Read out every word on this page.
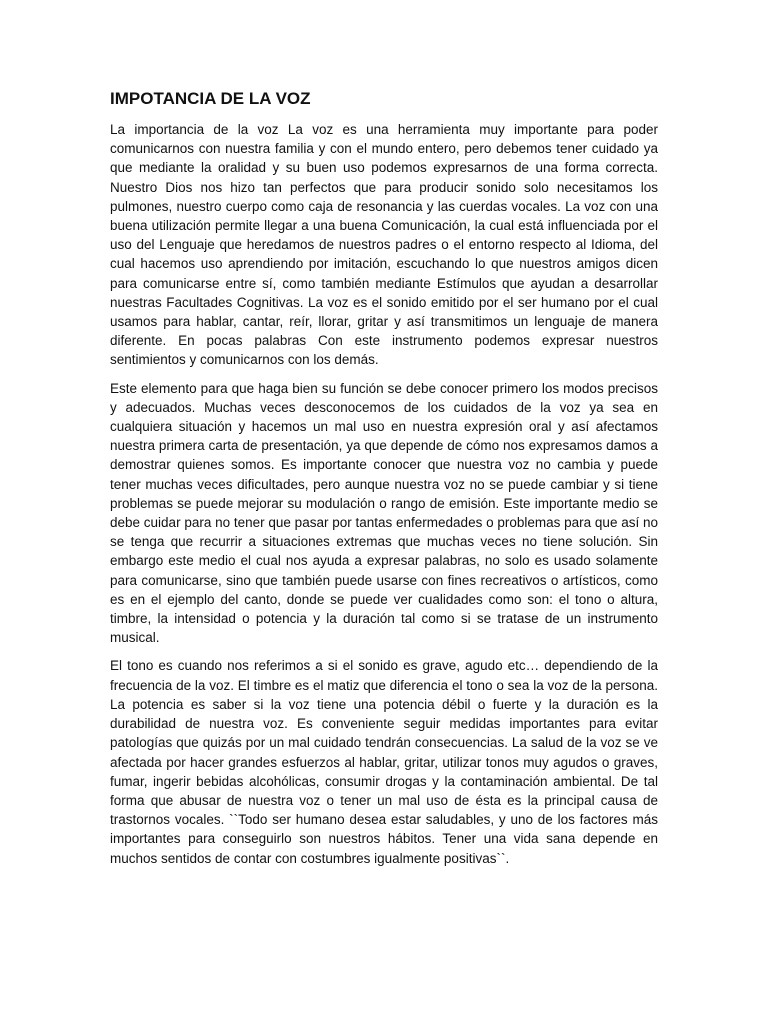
IMPOTANCIA DE LA VOZ

La importancia de la voz La voz es una herramienta muy importante para poder comunicarnos con nuestra familia y con el mundo entero, pero debemos tener cuidado ya que mediante la oralidad y su buen uso podemos expresarnos de una forma correcta. Nuestro Dios nos hizo tan perfectos que para producir sonido solo necesitamos los pulmones, nuestro cuerpo como caja de resonancia y las cuerdas vocales. La voz con una buena utilización permite llegar a una buena Comunicación, la cual está influenciada por el uso del Lenguaje que heredamos de nuestros padres o el entorno respecto al Idioma, del cual hacemos uso aprendiendo por imitación, escuchando lo que nuestros amigos dicen para comunicarse entre sí, como también mediante Estímulos que ayudan a desarrollar nuestras Facultades Cognitivas. La voz es el sonido emitido por el ser humano por el cual usamos para hablar, cantar, reír, llorar, gritar y así transmitimos un lenguaje de manera diferente. En pocas palabras Con este instrumento podemos expresar nuestros sentimientos y comunicarnos con los demás.

Este elemento para que haga bien su función se debe conocer primero los modos precisos y adecuados. Muchas veces desconocemos de los cuidados de la voz ya sea en cualquiera situación y hacemos un mal uso en nuestra expresión oral y así afectamos nuestra primera carta de presentación, ya que depende de cómo nos expresamos damos a demostrar quienes somos. Es importante conocer que nuestra voz no cambia y puede tener muchas veces dificultades, pero aunque nuestra voz no se puede cambiar y si tiene problemas se puede mejorar su modulación o rango de emisión. Este importante medio se debe cuidar para no tener que pasar por tantas enfermedades o problemas para que así no se tenga que recurrir a situaciones extremas que muchas veces no tiene solución. Sin embargo este medio el cual nos ayuda a expresar palabras, no solo es usado solamente para comunicarse, sino que también puede usarse con fines recreativos o artísticos, como es en el ejemplo del canto, donde se puede ver cualidades como son: el tono o altura, timbre, la intensidad o potencia y la duración tal como si se tratase de un instrumento musical.

El tono es cuando nos referimos a si el sonido es grave, agudo etc… dependiendo de la frecuencia de la voz. El timbre es el matiz que diferencia el tono o sea la voz de la persona. La potencia es saber si la voz tiene una potencia débil o fuerte y la duración es la durabilidad de nuestra voz. Es conveniente seguir medidas importantes para evitar patologías que quizás por un mal cuidado tendrán consecuencias. La salud de la voz se ve afectada por hacer grandes esfuerzos al hablar, gritar, utilizar tonos muy agudos o graves, fumar, ingerir bebidas alcohólicas, consumir drogas y la contaminación ambiental. De tal forma que abusar de nuestra voz o tener un mal uso de ésta es la principal causa de trastornos vocales. ``Todo ser humano desea estar saludables, y uno de los factores más importantes para conseguirlo son nuestros hábitos. Tener una vida sana depende en muchos sentidos de contar con costumbres igualmente positivas``.
